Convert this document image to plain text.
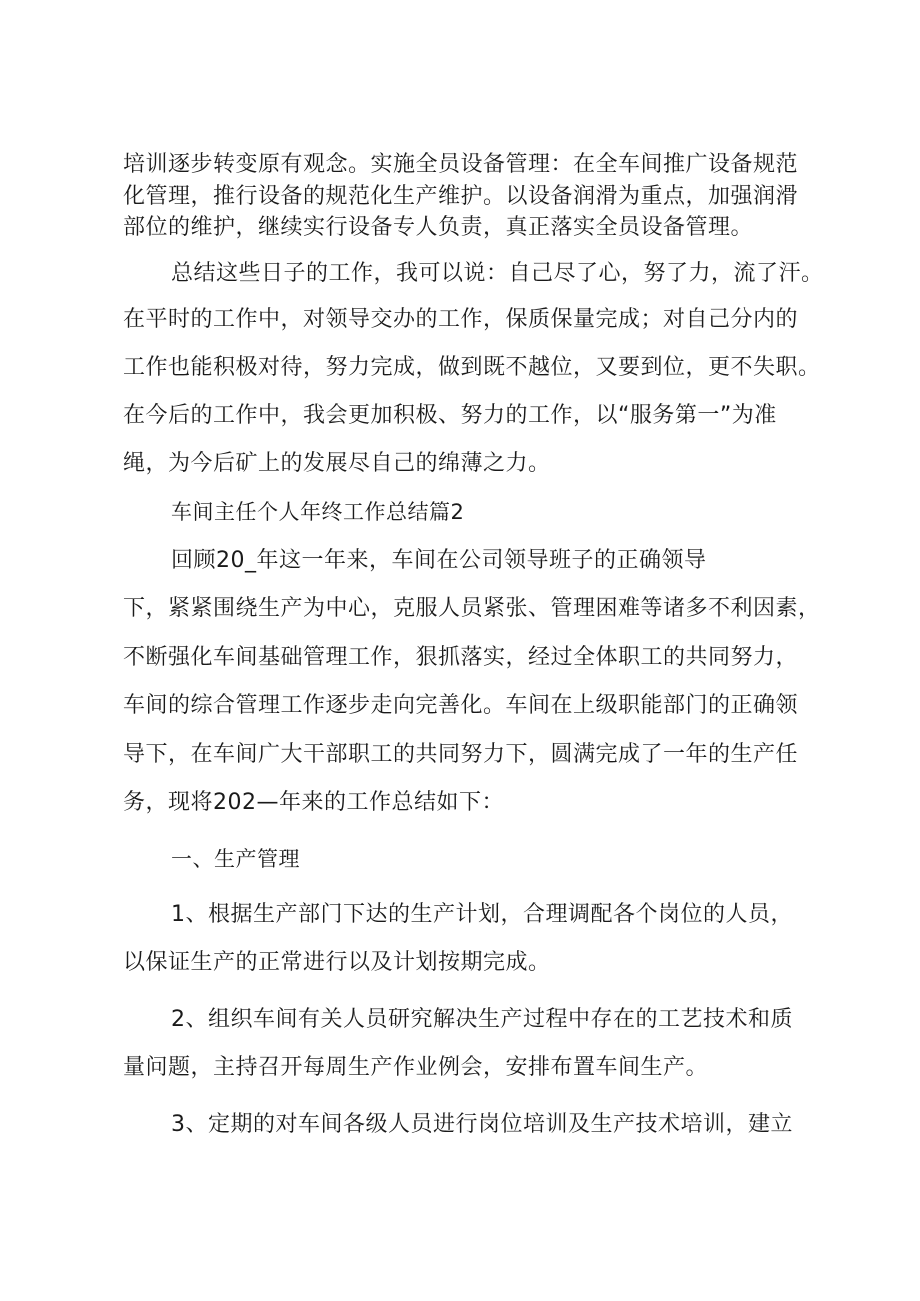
培训逐步转变原有观念。实施全员设备管理：在全车间推广设备规范
化管理，推行设备的规范化生产维护。以设备润滑为重点，加强润滑
部位的维护，继续实行设备专人负责，真正落实全员设备管理。
总结这些日子的工作，我可以说：自己尽了心，努了力，流了汗。
在平时的工作中，对领导交办的工作，保质保量完成；对自己分内的
工作也能积极对待，努力完成，做到既不越位，又要到位，更不失职。
在今后的工作中，我会更加积极、努力的工作，以“服务第一”为准
绳，为今后矿上的发展尽自己的绵薄之力。
车间主任个人年终工作总结篇2
回顾20_年这一年来，车间在公司领导班子的正确领导
下，紧紧围绕生产为中心，克服人员紧张、管理困难等诸多不利因素，
不断强化车间基础管理工作，狠抓落实，经过全体职工的共同努力，
车间的综合管理工作逐步走向完善化。车间在上级职能部门的正确领
导下，在车间广大干部职工的共同努力下，圆满完成了一年的生产任
务，现将202—年来的工作总结如下：
一、生产管理
1、根据生产部门下达的生产计划，合理调配各个岗位的人员，
以保证生产的正常进行以及计划按期完成。
2、组织车间有关人员研究解决生产过程中存在的工艺技术和质
量问题，主持召开每周生产作业例会，安排布置车间生产。
3、定期的对车间各级人员进行岗位培训及生产技术培训，建立
